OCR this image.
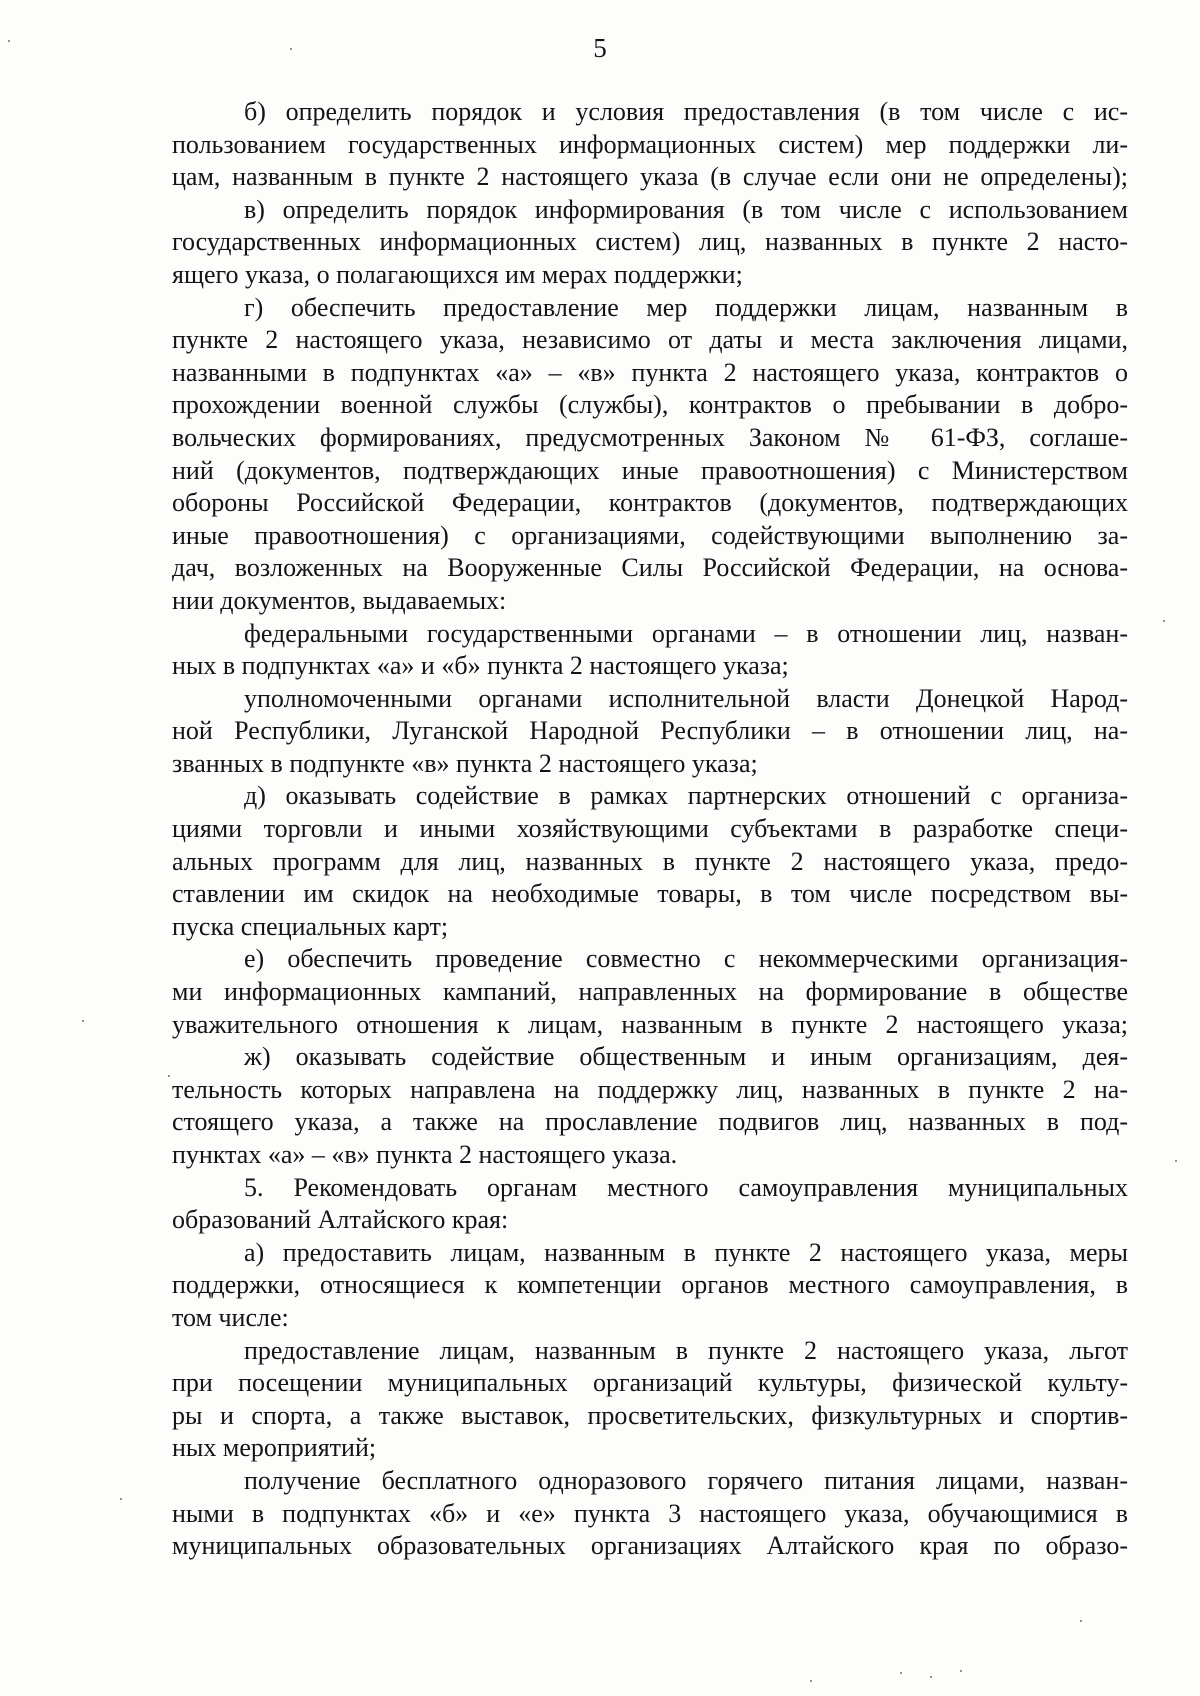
5

б) определить порядок и условия предоставления (в том числе с ис-
пользованием государственных информационных систем) мер поддержки ли-
цам, названным в пункте 2 настоящего указа (в случае если они не определены);

в) определить порядок информирования (в том числе с использованием
государственных информационных систем) лиц, названных в пункте 2 насто-
ящего указа, о полагающихся им мерах поддержки;

г) обеспечить предоставление мер поддержки лицам, названным в
пункте 2 настоящего указа, независимо от даты и места заключения лицами,
названными в подпунктах «а» – «в» пункта 2 настоящего указа, контрактов о
прохождении военной службы (службы), контрактов о пребывании в добро-
вольческих формированиях, предусмотренных Законом № 61-ФЗ, соглаше-
ний (документов, подтверждающих иные правоотношения) с Министерством
обороны Российской Федерации, контрактов (документов, подтверждающих
иные правоотношения) с организациями, содействующими выполнению за-
дач, возложенных на Вооруженные Силы Российской Федерации, на основа-
нии документов, выдаваемых:

федеральными государственными органами – в отношении лиц, назван-
ных в подпунктах «а» и «б» пункта 2 настоящего указа;

уполномоченными органами исполнительной власти Донецкой Народ-
ной Республики, Луганской Народной Республики – в отношении лиц, на-
званных в подпункте «в» пункта 2 настоящего указа;

д) оказывать содействие в рамках партнерских отношений с организа-
циями торговли и иными хозяйствующими субъектами в разработке специ-
альных программ для лиц, названных в пункте 2 настоящего указа, предо-
ставлении им скидок на необходимые товары, в том числе посредством вы-
пуска специальных карт;

е) обеспечить проведение совместно с некоммерческими организация-
ми информационных кампаний, направленных на формирование в обществе
уважительного отношения к лицам, названным в пункте 2 настоящего указа;

ж) оказывать содействие общественным и иным организациям, дея-
тельность которых направлена на поддержку лиц, названных в пункте 2 на-
стоящего указа, а также на прославление подвигов лиц, названных в под-
пунктах «а» – «в» пункта 2 настоящего указа.

5. Рекомендовать органам местного самоуправления муниципальных
образований Алтайского края:

а) предоставить лицам, названным в пункте 2 настоящего указа, меры
поддержки, относящиеся к компетенции органов местного самоуправления, в
том числе:

предоставление лицам, названным в пункте 2 настоящего указа, льгот
при посещении муниципальных организаций культуры, физической культу-
ры и спорта, а также выставок, просветительских, физкультурных и спортив-
ных мероприятий;

получение бесплатного одноразового горячего питания лицами, назван-
ными в подпунктах «б» и «е» пункта 3 настоящего указа, обучающимися в
муниципальных образовательных организациях Алтайского края по образо-
